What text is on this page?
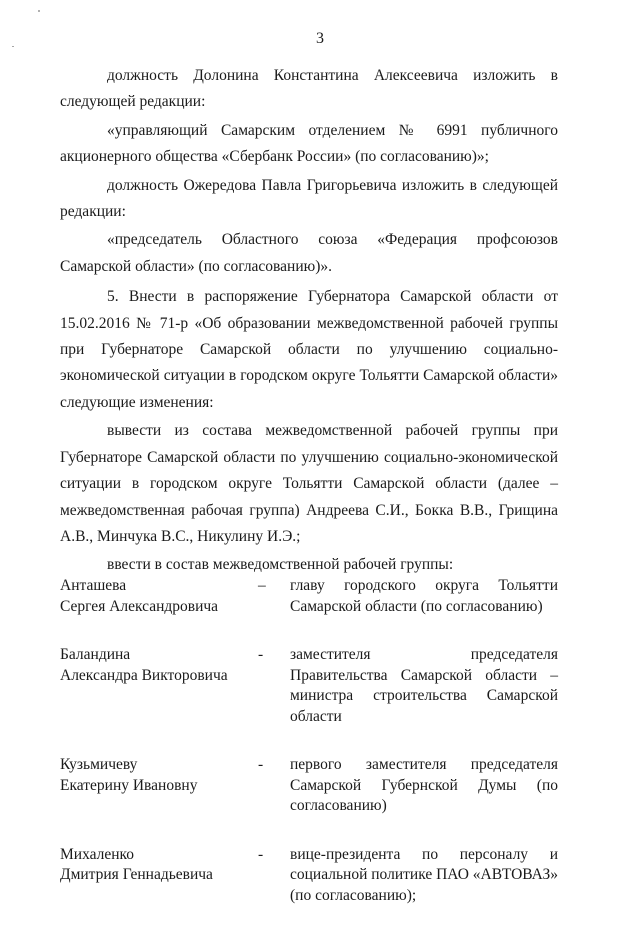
3

должность Долонина Константина Алексеевича изложить в следующей редакции:

«управляющий Самарским отделением № 6991 публичного акционерного общества «Сбербанк России» (по согласованию)»;

должность Ожередова Павла Григорьевича изложить в следующей редакции:

«председатель Областного союза «Федерация профсоюзов Самарской области» (по согласованию)».

5. Внести в распоряжение Губернатора Самарской области от 15.02.2016 № 71-р «Об образовании межведомственной рабочей группы при Губернаторе Самарской области по улучшению социально-экономической ситуации в городском округе Тольятти Самарской области» следующие изменения:

вывести из состава межведомственной рабочей группы при Губернаторе Самарской области по улучшению социально-экономической ситуации в городском округе Тольятти Самарской области (далее – межведомственная рабочая группа) Андреева С.И., Бокка В.В., Грищина А.В., Минчука В.С., Никулину И.Э.;

ввести в состав межведомственной рабочей группы:

Анташева
Сергея Александровича
– главу городского округа Тольятти Самарской области (по согласованию)
Баландина
Александра Викторовича
- заместителя председателя Правительства Самарской области – министра строительства Самарской области
Кузьмичеву
Екатерину Ивановну
- первого заместителя председателя Самарской Губернской Думы (по согласованию)
Михаленко
Дмитрия Геннадьевича
- вице-президента по персоналу и социальной политике ПАО «АВТОВАЗ» (по согласованию);
